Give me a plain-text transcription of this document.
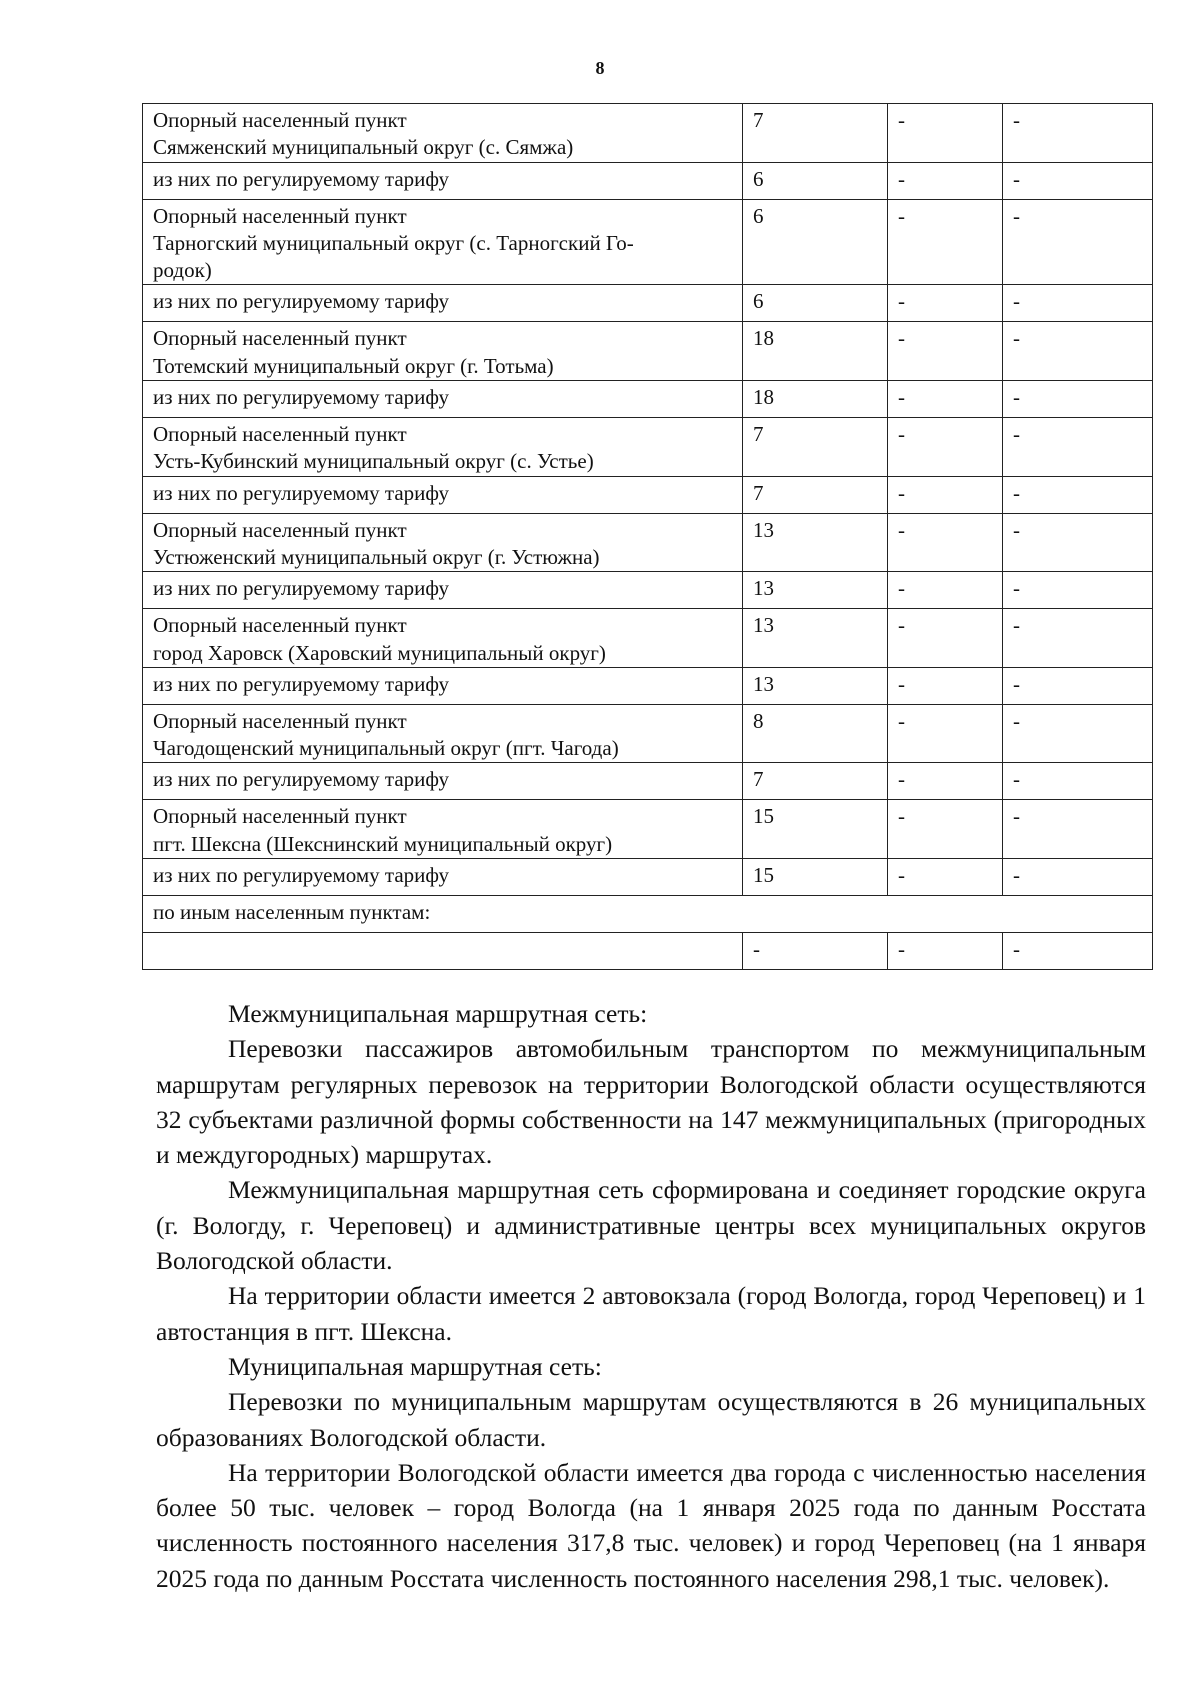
8
Опорный населенный пункт
Сямженский муниципальный округ (с. Сямжа)	7	-	-
из них по регулируемому тарифу	6	-	-

Опорный населенный пункт
Тарногский муниципальный округ (с. Тарногский Го-
родок)	6	-	-
из них по регулируемому тарифу	6	-	-

Опорный населенный пункт
Тотемский муниципальный округ (г. Тотьма)	18	-	-
из них по регулируемому тарифу	18	-	-

Опорный населенный пункт
Усть-Кубинский муниципальный округ (с. Устье)	7	-	-
из них по регулируемому тарифу	7	-	-

Опорный населенный пункт
Устюженский муниципальный округ (г. Устюжна)	13	-	-
из них по регулируемому тарифу	13	-	-

Опорный населенный пункт
город Харовск (Харовский муниципальный округ)	13	-	-
из них по регулируемому тарифу	13	-	-

Опорный населенный пункт
Чагодощенский муниципальный округ (пгт. Чагода)	8	-	-
из них по регулируемому тарифу	7	-	-

Опорный населенный пункт
пгт. Шексна (Шекснинский муниципальный округ)	15	-	-
из них по регулируемому тарифу	15	-	-
по иным населенным пунктам:			
	-	-	-

Межмуниципальная маршрутная сеть:

Перевозки пассажиров автомобильным транспортом по межмуниципальным маршрутам регулярных перевозок на территории Вологодской области осуществляются 32 субъектами различной формы собственности на 147 межмуниципальных (пригородных и междугородных) маршрутах.

Межмуниципальная маршрутная сеть сформирована и соединяет городские округа (г. Вологду, г. Череповец) и административные центры всех муниципальных округов Вологодской области.

На территории области имеется 2 автовокзала (город Вологда, город Череповец) и 1 автостанция в пгт. Шексна.

Муниципальная маршрутная сеть:

Перевозки по муниципальным маршрутам осуществляются в 26 муниципальных образованиях Вологодской области.

На территории Вологодской области имеется два города с численностью населения более 50 тыс. человек – город Вологда (на 1 января 2025 года по данным Росстата численность постоянного населения 317,8 тыс. человек) и город Череповец (на 1 января 2025 года по данным Росстата численность постоянного населения 298,1 тыс. человек).
